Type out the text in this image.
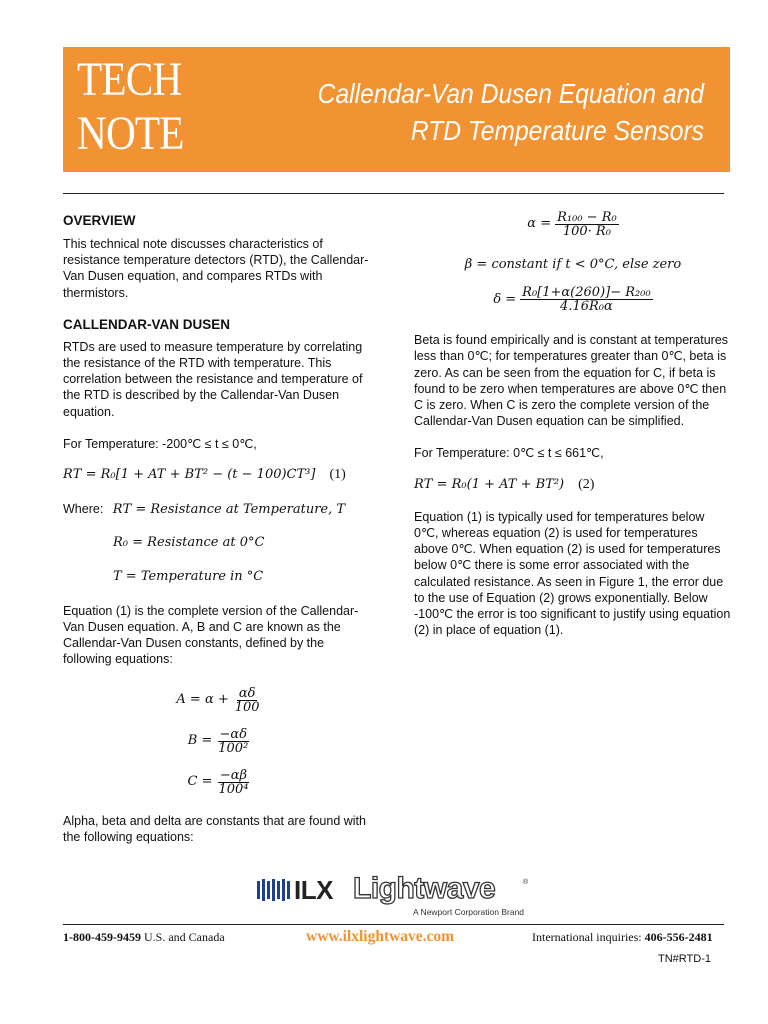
TECH
NOTE
Callendar-Van Dusen Equation and
RTD Temperature Sensors
OVERVIEW

This technical note discusses characteristics of resistance temperature detectors (RTD), the Callendar-Van Dusen equation, and compares RTDs with thermistors.

CALLENDAR-VAN DUSEN

RTDs are used to measure temperature by correlating the resistance of the RTD with temperature. This correlation between the resistance and temperature of the RTD is described by the Callendar-Van Dusen equation.

For Temperature: -200℃ ≤ t ≤ 0℃,

R𝑇 = R₀[1 + AT + BT² − (t − 100)CT³] (1)
Where: R𝑇 = Resistance at Temperature, T
R₀ = Resistance at 0°C
T = Temperature in °C

Equation (1) is the complete version of the Callendar-Van Dusen equation. A, B and C are known as the Callendar-Van Dusen constants, defined by the following equations:

$A = \alpha + \frac{\alpha\delta}{100}$
$B = \frac{-\alpha\delta}{\text{100²}}$
$C = \frac{-\alpha\beta}{\text{100⁴}}$

Alpha, beta and delta are constants that are found with the following equations:

$\alpha = \frac{\text{R₁₀₀ − R₀}}{\text{100· R₀}}$
β = constant if t < 0°C, else zero
$\delta = \frac{\text{R₀[1+α(260)]− R₂₀₀}}{\text{4.16R₀α}}$

Beta is found empirically and is constant at temperatures less than 0℃; for temperatures greater than 0℃, beta is zero. As can be seen from the equation for C, if beta is found to be zero when temperatures are above 0℃ then C is zero. When C is zero the complete version of the Callendar-Van Dusen equation can be simplified.

For Temperature: 0℃ ≤ t ≤ 661℃,

R𝑇 = R₀(1 + AT + BT²) (2)

Equation (1) is typically used for temperatures below 0℃, whereas equation (2) is used for temperatures above 0℃. When equation (2) is used for temperatures below 0℃ there is some error associated with the calculated resistance. As seen in Figure 1, the error due to the use of Equation (2) grows exponentially. Below -100℃ the error is too significant to justify using equation (2) in place of equation (1).

ILX Lightwave	®
A Newport Corporation Brand
1-800-459-9459 U.S. and Canada	www.ilxlightwave.com	International inquiries: 406-556-2481
TN#RTD-1
